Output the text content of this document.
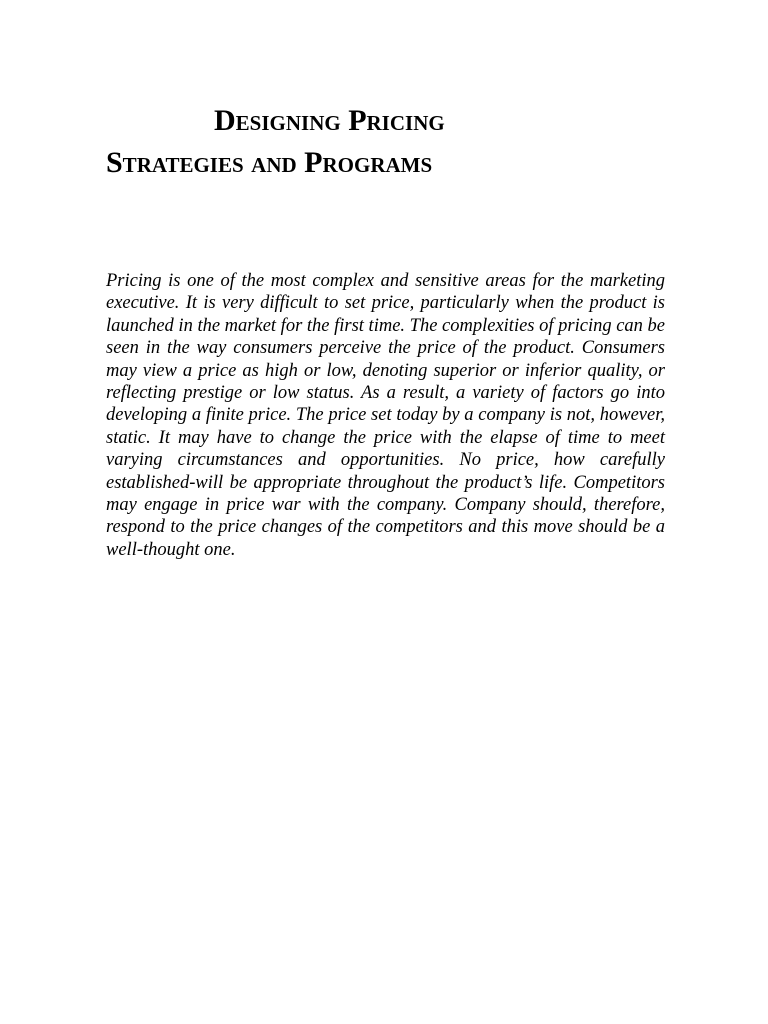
Designing Pricing
Strategies and Programs

Pricing is one of the most complex and sensitive areas for the marketing executive. It is very difficult to set price, particularly when the product is launched in the market for the first time. The complexities of pricing can be seen in the way consumers perceive the price of the product. Consumers may view a price as high or low, denoting superior or inferior quality, or reflecting prestige or low status. As a result, a variety of factors go into developing a finite price. The price set today by a company is not, however, static. It may have to change the price with the elapse of time to meet varying circumstances and opportunities. No price, how carefully established-will be appropriate throughout the product’s life. Competitors may engage in price war with the company. Company should, therefore, respond to the price changes of the competitors and this move should be a well-thought one.
